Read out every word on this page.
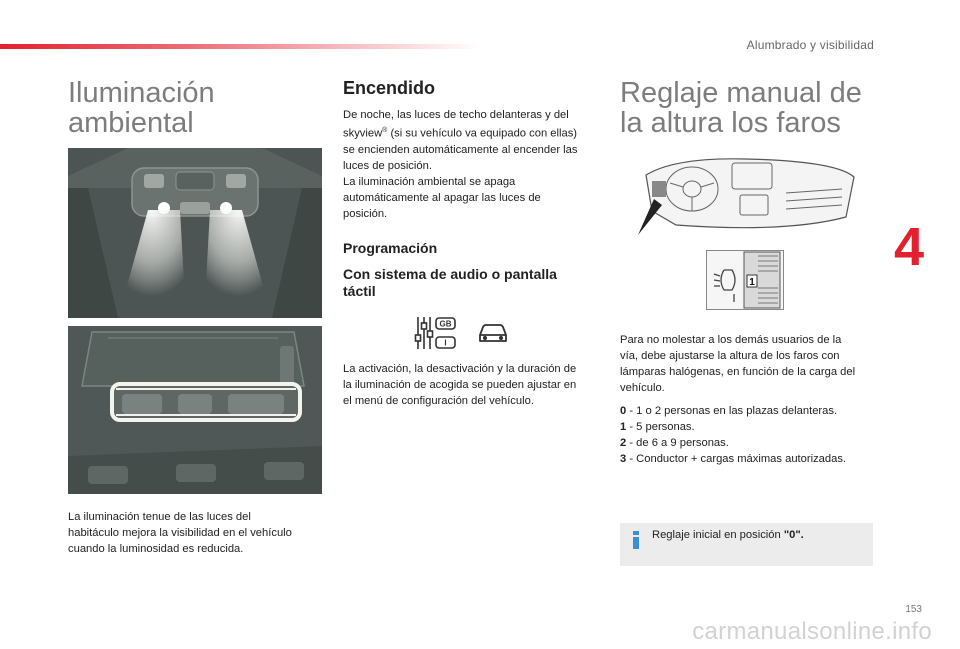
Alumbrado y visibilidad
4
Iluminación
ambiental

La iluminación tenue de las luces del
habitáculo mejora la visibilidad en el vehículo
cuando la luminosidad es reducida.

Encendido

De noche, las luces de techo delanteras y del
skyview® (si su vehículo va equipado con ellas)
se encienden automáticamente al encender las
luces de posición.
La iluminación ambiental se apaga
automáticamente al apagar las luces de
posición.

Programación
Con sistema de audio o pantalla
táctil
GB
I

La activación, la desactivación y la duración de
la iluminación de acogida se pueden ajustar en
el menú de configuración del vehículo.

Reglaje manual de
la altura los faros
1

Para no molestar a los demás usuarios de la
vía, debe ajustarse la altura de los faros con
lámparas halógenas, en función de la carga del
vehículo.

0 - 1 o 2 personas en las plazas delanteras.

1 - 5 personas.

2 - de 6 a 9 personas.

3 - Conductor + cargas máximas autorizadas.

Reglaje inicial en posición "0".
153
carmanualsonline.info
